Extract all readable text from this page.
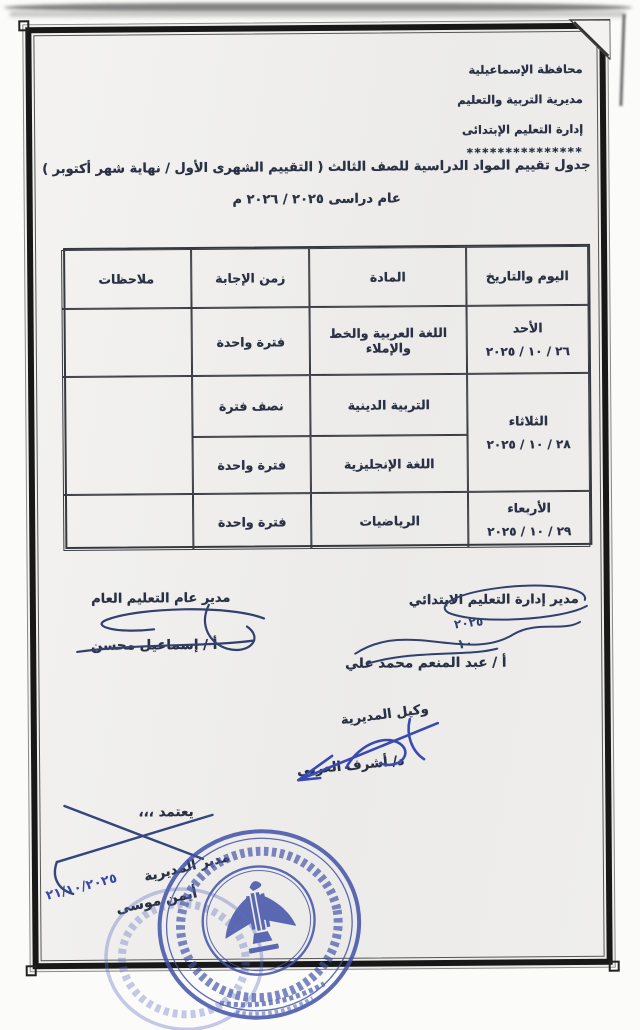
محافظة الإسماعيلية
مديرية التربية والتعليم
إدارة التعليم الإبتدائى
***************
جدول تقييم المواد الدراسية للصف الثالث ( التقييم الشهرى الأول / نهاية شهر أكتوبر )
عام دراسى ٢٠٢٥ / ٢٠٢٦ م
اليوم والتاريخ
المادة
زمن الإجابة
ملاحظات
الأحد
٢٦ / ١٠ / ٢٠٢٥
اللغة العربية والخط والإملاء
فترة واحدة
الثلاثاء
٢٨ / ١٠ / ٢٠٢٥
التربية الدينية
نصف فترة
اللغة الإنجليزية
فترة واحدة
الأربعاء
٢٩ / ١٠ / ٢٠٢٥
الرياضيات
فترة واحدة
مدير إدارة التعليم الابتدائي
٢٠٢٥
١٠
أ / عبد المنعم محمد علي
مدير عام التعليم العام
أ / إسماعيل محسن
وكيل المديرية
د/ أشرف العربي
يعتمد ،،،
مدير المديرية
٢١/١٠/٢٠٢٥
أيمن موسى
